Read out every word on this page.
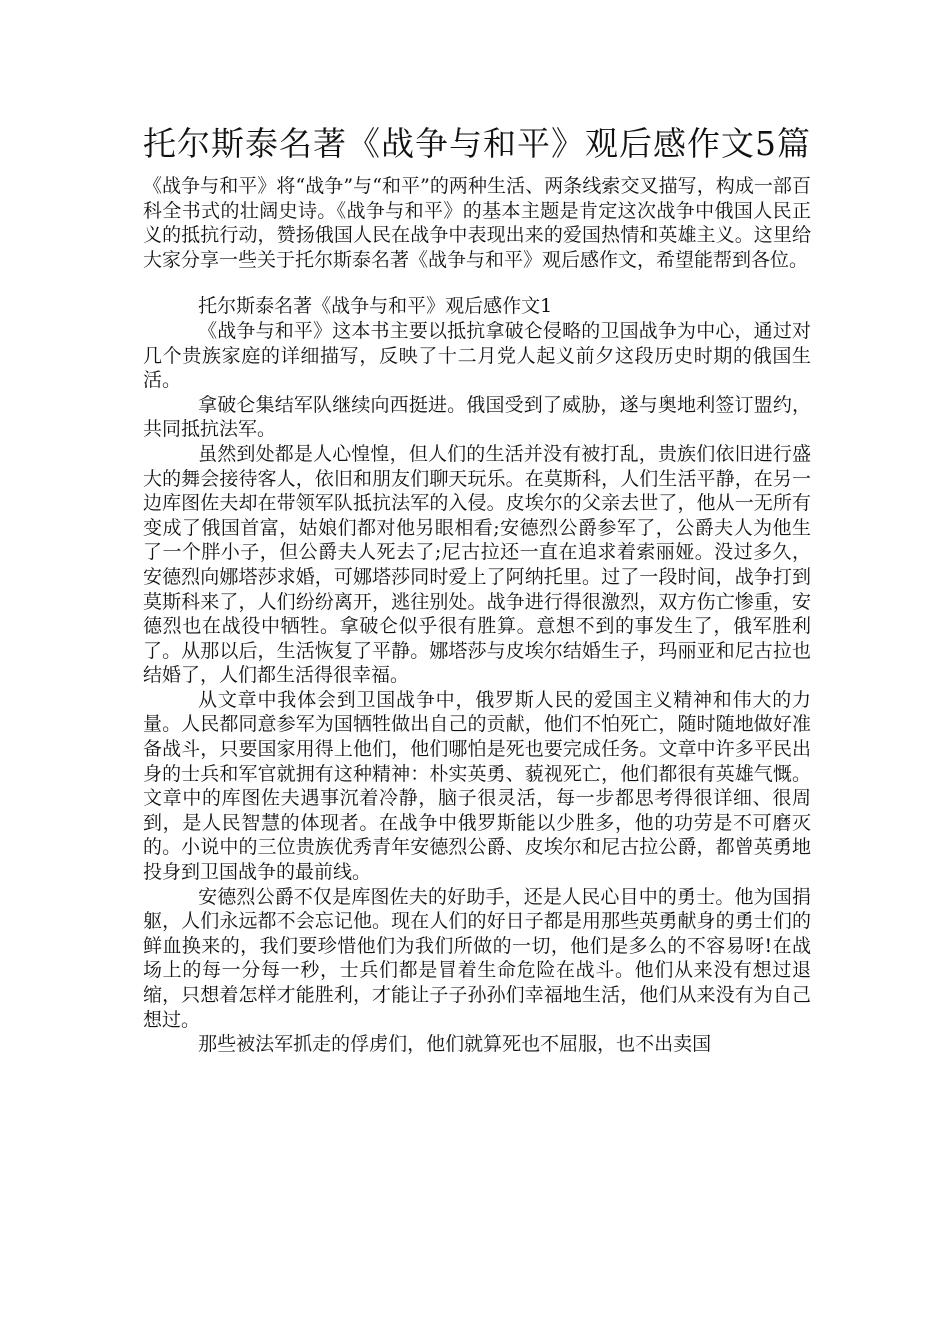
托尔斯泰名著《战争与和平》观后感作文5篇

《战争与和平》将“战争”与“和平”的两种生活、两条线索交叉描写，构成一部百科全书式的壮阔史诗。《战争与和平》的基本主题是肯定这次战争中俄国人民正义的抵抗行动，赞扬俄国人民在战争中表现出来的爱国热情和英雄主义。这里给大家分享一些关于托尔斯泰名著《战争与和平》观后感作文，希望能帮到各位。

托尔斯泰名著《战争与和平》观后感作文1

《战争与和平》这本书主要以抵抗拿破仑侵略的卫国战争为中心，通过对几个贵族家庭的详细描写，反映了十二月党人起义前夕这段历史时期的俄国生活。

拿破仑集结军队继续向西挺进。俄国受到了威胁，遂与奥地利签订盟约，共同抵抗法军。

虽然到处都是人心惶惶，但人们的生活并没有被打乱，贵族们依旧进行盛大的舞会接待客人，依旧和朋友们聊天玩乐。在莫斯科，人们生活平静，在另一边库图佐夫却在带领军队抵抗法军的入侵。皮埃尔的父亲去世了，他从一无所有变成了俄国首富，姑娘们都对他另眼相看;安德烈公爵参军了，公爵夫人为他生了一个胖小子，但公爵夫人死去了;尼古拉还一直在追求着索丽娅。没过多久，安德烈向娜塔莎求婚，可娜塔莎同时爱上了阿纳托里。过了一段时间，战争打到莫斯科来了，人们纷纷离开，逃往别处。战争进行得很激烈，双方伤亡惨重，安德烈也在战役中牺牲。拿破仑似乎很有胜算。意想不到的事发生了，俄军胜利了。从那以后，生活恢复了平静。娜塔莎与皮埃尔结婚生子，玛丽亚和尼古拉也结婚了，人们都生活得很幸福。

从文章中我体会到卫国战争中，俄罗斯人民的爱国主义精神和伟大的力量。人民都同意参军为国牺牲做出自己的贡献，他们不怕死亡，随时随地做好准备战斗，只要国家用得上他们，他们哪怕是死也要完成任务。文章中许多平民出身的士兵和军官就拥有这种精神：朴实英勇、藐视死亡，他们都很有英雄气慨。文章中的库图佐夫遇事沉着冷静，脑子很灵活，每一步都思考得很详细、很周到，是人民智慧的体现者。在战争中俄罗斯能以少胜多，他的功劳是不可磨灭的。小说中的三位贵族优秀青年安德烈公爵、皮埃尔和尼古拉公爵，都曾英勇地投身到卫国战争的最前线。

安德烈公爵不仅是库图佐夫的好助手，还是人民心目中的勇士。他为国捐躯，人们永远都不会忘记他。现在人们的好日子都是用那些英勇献身的勇士们的鲜血换来的，我们要珍惜他们为我们所做的一切，他们是多么的不容易呀!在战场上的每一分每一秒，士兵们都是冒着生命危险在战斗。他们从来没有想过退缩，只想着怎样才能胜利，才能让子子孙孙们幸福地生活，他们从来没有为自己想过。

那些被法军抓走的俘虏们，他们就算死也不屈服，也不出卖国
